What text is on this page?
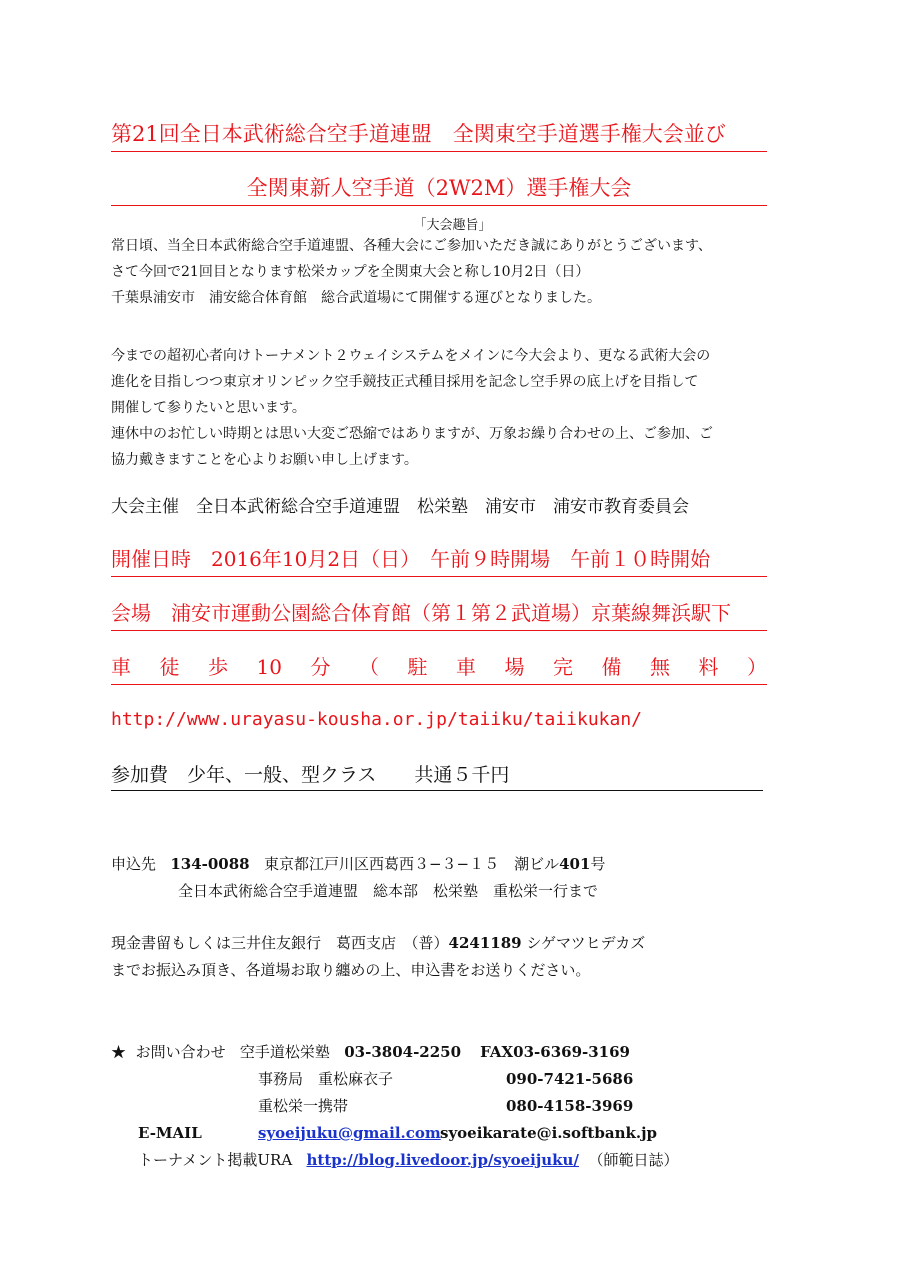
第21回全日本武術総合空手道連盟　全関東空手道選手権大会並び
全関東新人空手道（2W2M）選手権大会
「大会趣旨」
常日頃、当全日本武術総合空手道連盟、各種大会にご参加いただき誠にありがとうございます、
さて今回で21回目となります松栄カップを全関東大会と称し10月2日（日）
千葉県浦安市　浦安総合体育館　総合武道場にて開催する運びとなりました。
今までの超初心者向けトーナメント２ウェイシステムをメインに今大会より、更なる武術大会の
進化を目指しつつ東京オリンピック空手競技正式種目採用を記念し空手界の底上げを目指して
開催して参りたいと思います。
連休中のお忙しい時期とは思い大変ご恐縮ではありますが、万象お繰り合わせの上、ご参加、ご
協力戴きますことを心よりお願い申し上げます。
大会主催　全日本武術総合空手道連盟　松栄塾　浦安市　浦安市教育委員会
開催日時　2016年10月2日（日）　午前９時開場　午前１０時開始
会場　浦安市運動公園総合体育館（第１第２武道場）京葉線舞浜駅下
車 徒 歩 10 分 （ 駐 車 場 完 備 無 料 ）
http://www.urayasu-kousha.or.jp/taiiku/taiikukan/
参加費　少年、一般、型クラス　　共通５千円
申込先 134-0088 東京都江戸川区西葛西３−３−１５　潮ビル401号
全日本武術総合空手道連盟　総本部　松栄塾　重松栄一行まで
現金書留もしくは三井住友銀行　葛西支店　（普）4241189 シゲマツヒデカズ
までお振込み頂き、各道場お取り纏めの上、申込書をお送りください。
★ お問い合わせ 空手道松栄塾 03-3804-2250 FAX03-6369-3169
事務局　重松麻衣子	090-7421-5686
重松栄一携帯	080-4158-3969
E-MAIL	syoeijuku@gmail.com syoeikarate@i.softbank.jp
トーナメント掲載URA http://blog.livedoor.jp/syoeijuku/ （師範日誌）
